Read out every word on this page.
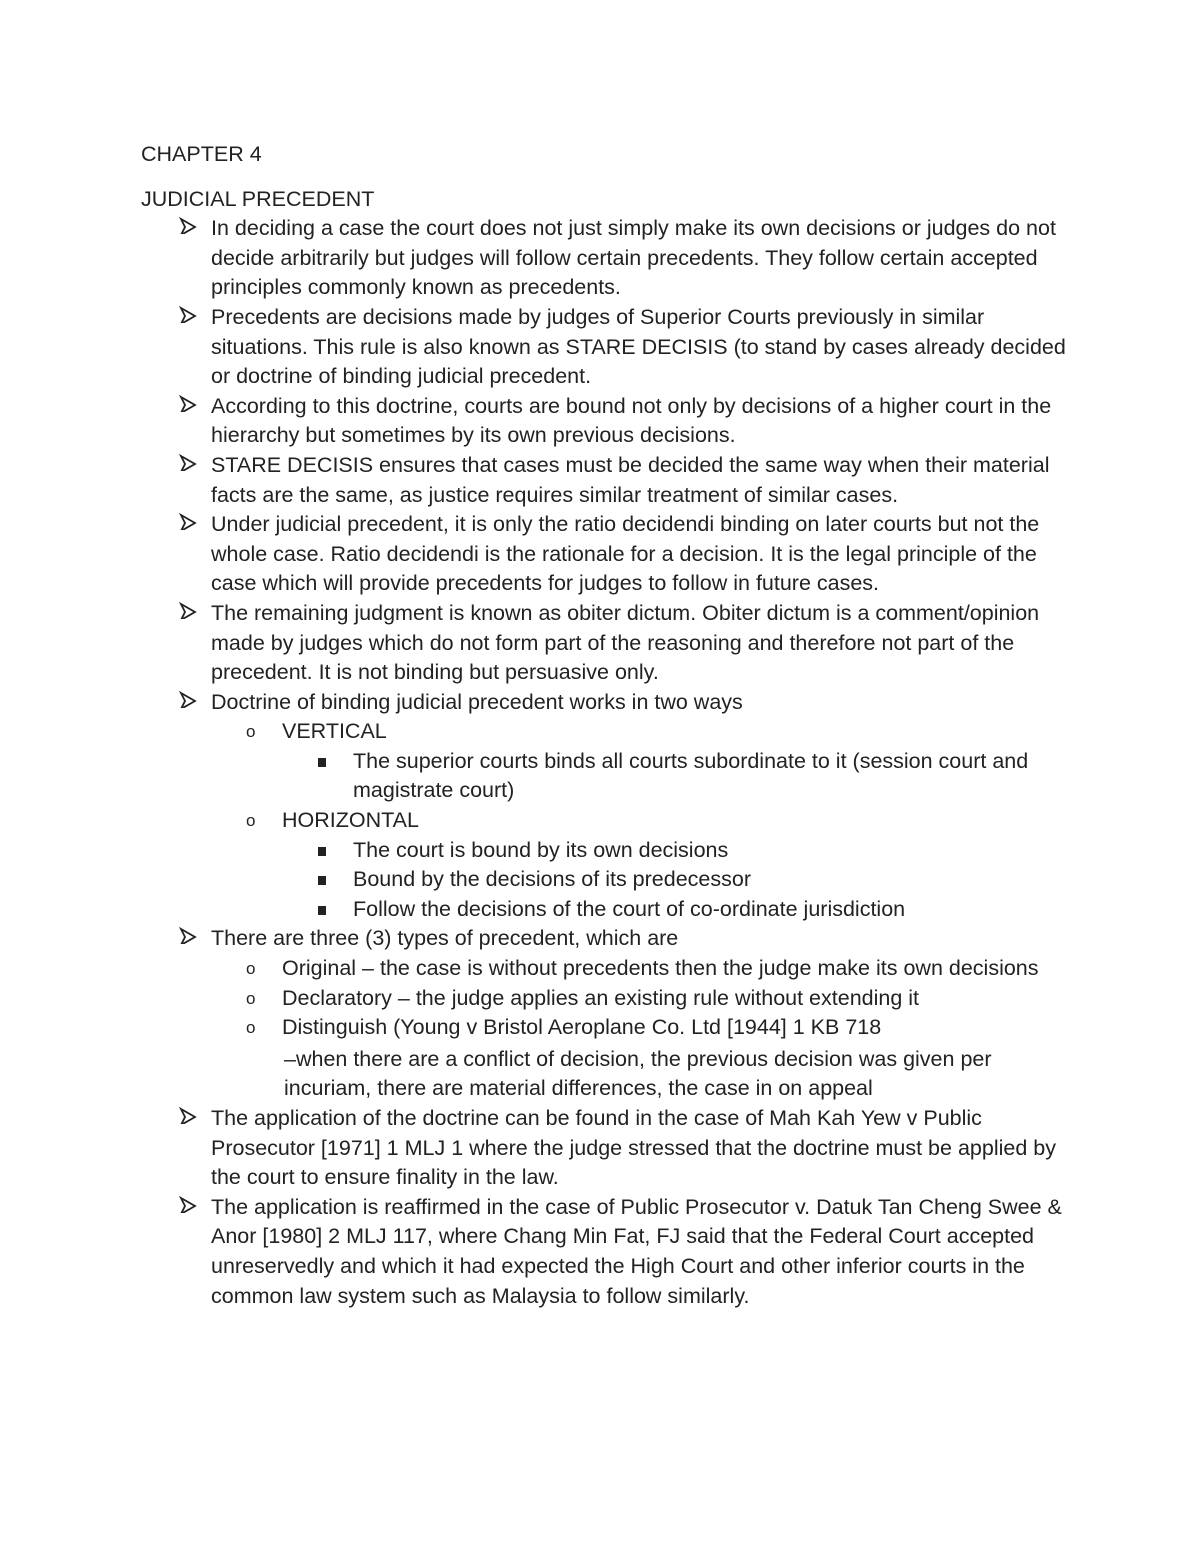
CHAPTER 4
JUDICIAL PRECEDENT
In deciding a case the court does not just simply make its own decisions or judges do not decide arbitrarily but judges will follow certain precedents. They follow certain accepted principles commonly known as precedents.
Precedents are decisions made by judges of Superior Courts previously in similar situations. This rule is also known as STARE DECISIS (to stand by cases already decided or doctrine of binding judicial precedent.
According to this doctrine, courts are bound not only by decisions of a higher court in the hierarchy but sometimes by its own previous decisions.
STARE DECISIS ensures that cases must be decided the same way when their material facts are the same, as justice requires similar treatment of similar cases.
Under judicial precedent, it is only the ratio decidendi binding on later courts but not the whole case. Ratio decidendi is the rationale for a decision. It is the legal principle of the case which will provide precedents for judges to follow in future cases.
The remaining judgment is known as obiter dictum. Obiter dictum is a comment/opinion made by judges which do not form part of the reasoning and therefore not part of the precedent. It is not binding but persuasive only.
Doctrine of binding judicial precedent works in two ways
o VERTICAL
The superior courts binds all courts subordinate to it (session court and magistrate court)
o HORIZONTAL
The court is bound by its own decisions
Bound by the decisions of its predecessor
Follow the decisions of the court of co-ordinate jurisdiction
There are three (3) types of precedent, which are
o Original – the case is without precedents then the judge make its own decisions
o Declaratory – the judge applies an existing rule without extending it
o Distinguish (Young v Bristol Aeroplane Co. Ltd [1944] 1 KB 718
–when there are a conflict of decision, the previous decision was given per incuriam, there are material differences, the case in on appeal
The application of the doctrine can be found in the case of Mah Kah Yew v Public Prosecutor [1971] 1 MLJ 1 where the judge stressed that the doctrine must be applied by the court to ensure finality in the law.
The application is reaffirmed in the case of Public Prosecutor v. Datuk Tan Cheng Swee & Anor [1980] 2 MLJ 117, where Chang Min Fat, FJ said that the Federal Court accepted unreservedly and which it had expected the High Court and other inferior courts in the common law system such as Malaysia to follow similarly.
